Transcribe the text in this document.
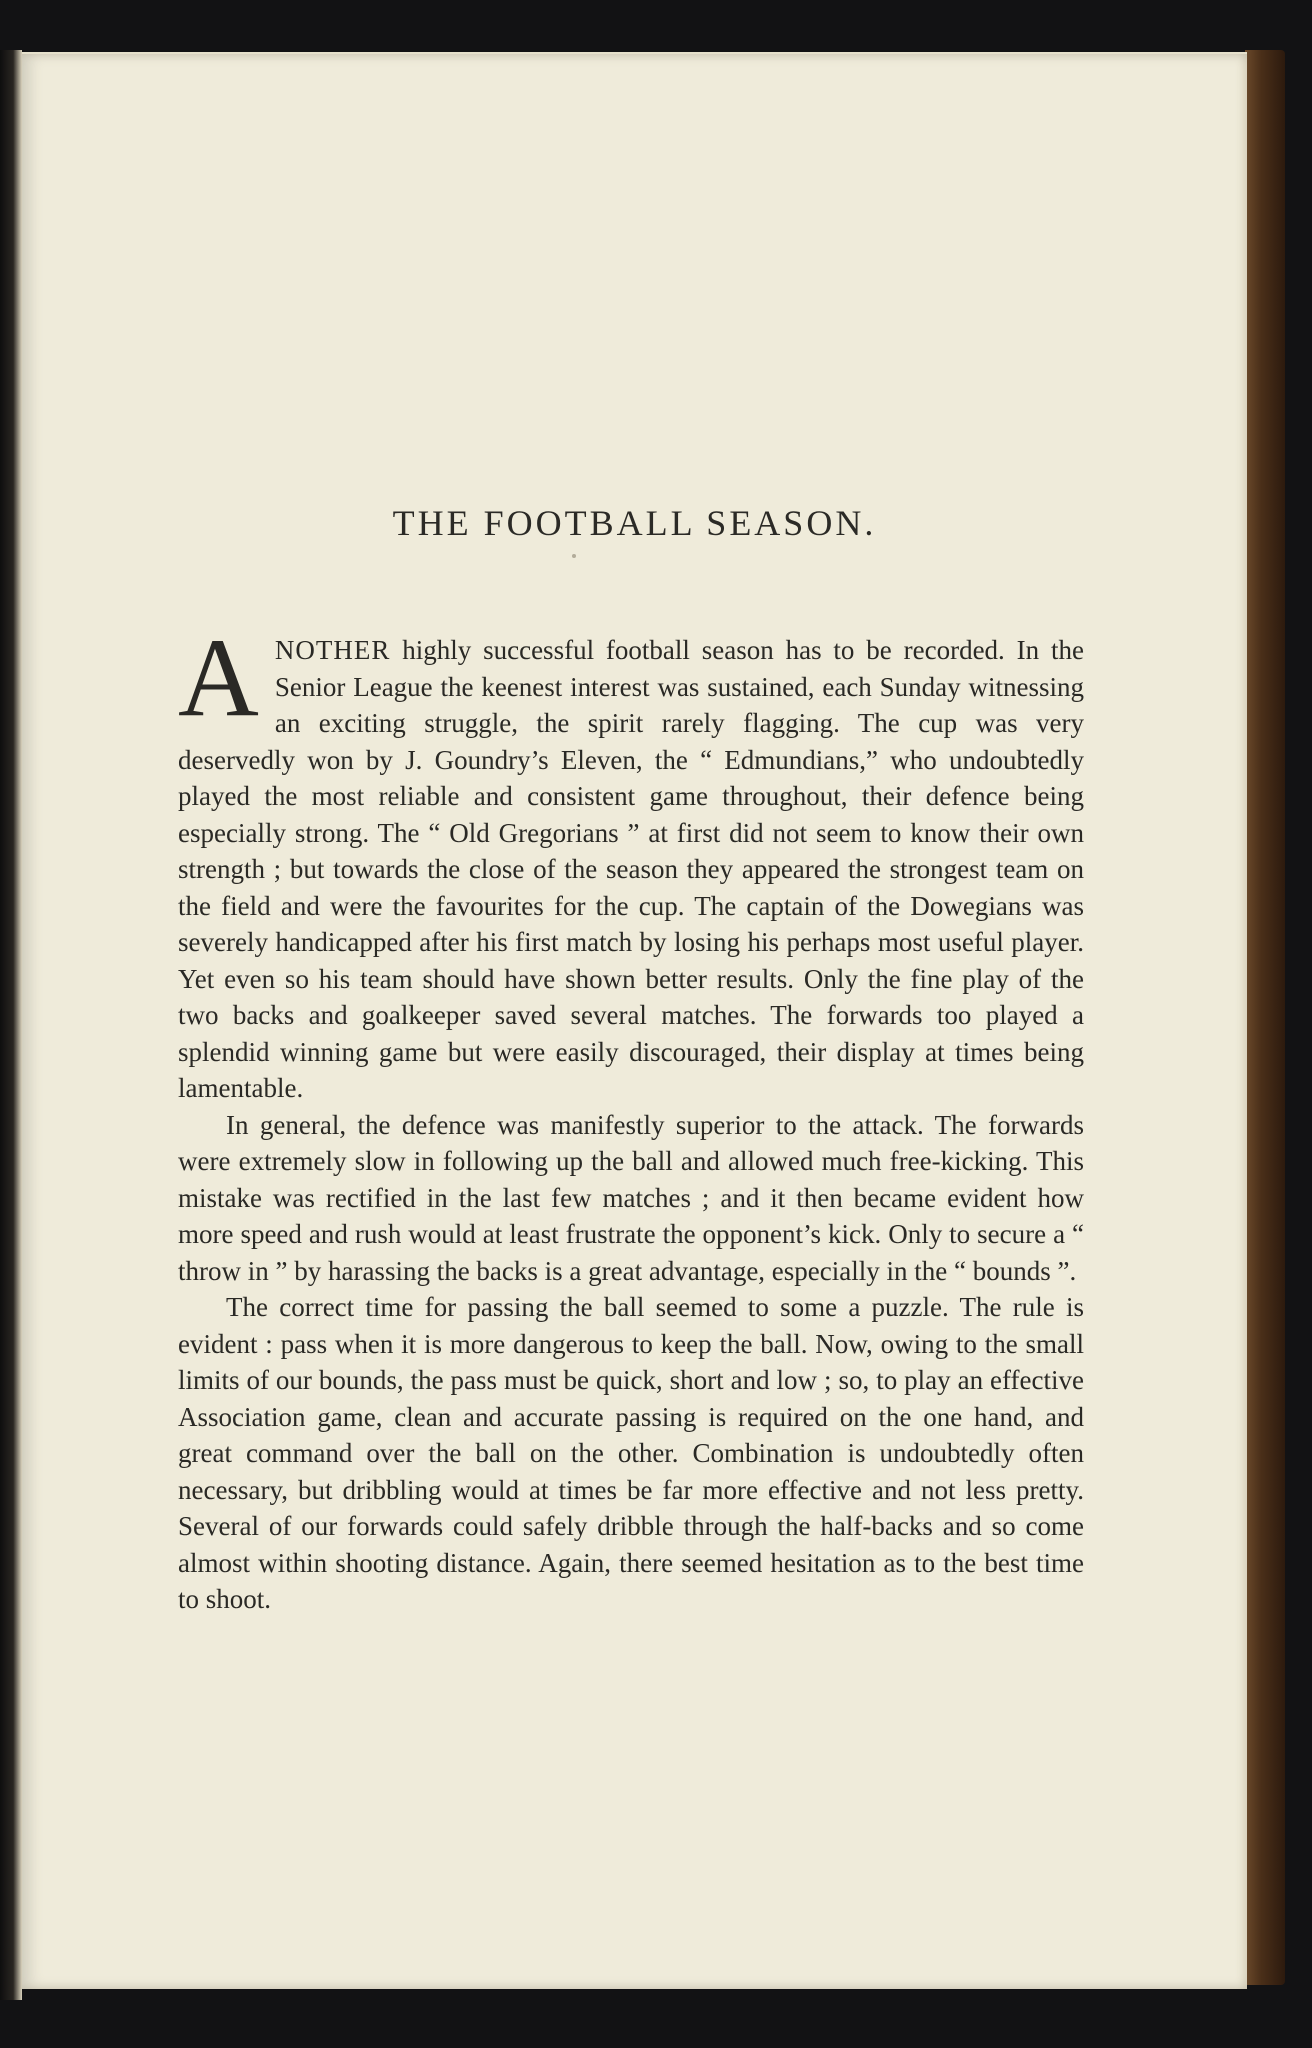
THE FOOTBALL SEASON.

ANOTHER highly successful football season has to be recorded. In the Senior League the keenest interest was sustained, each Sunday witnessing an exciting struggle, the spirit rarely flagging. The cup was very deservedly won by J. Goundry’s Eleven, the “ Edmundians,” who undoubtedly played the most reliable and consistent game throughout, their defence being especially strong. The “ Old Gregorians ” at first did not seem to know their own strength ; but towards the close of the season they appeared the strongest team on the field and were the favourites for the cup. The captain of the Dowegians was severely handicapped after his first match by losing his perhaps most useful player. Yet even so his team should have shown better results. Only the fine play of the two backs and goalkeeper saved several matches. The forwards too played a splendid winning game but were easily discouraged, their display at times being lamentable.

In general, the defence was manifestly superior to the attack. The forwards were extremely slow in following up the ball and allowed much free-kicking. This mistake was rectified in the last few matches ; and it then became evident how more speed and rush would at least frustrate the opponent’s kick. Only to secure a “ throw in ” by harassing the backs is a great advantage, especially in the “ bounds ”.

The correct time for passing the ball seemed to some a puzzle. The rule is evident : pass when it is more dangerous to keep the ball. Now, owing to the small limits of our bounds, the pass must be quick, short and low ; so, to play an effective Association game, clean and accurate passing is required on the one hand, and great command over the ball on the other. Combination is undoubtedly often necessary, but dribbling would at times be far more effective and not less pretty. Several of our forwards could safely dribble through the half-backs and so come almost within shooting distance. Again, there seemed hesitation as to the best time to shoot.
